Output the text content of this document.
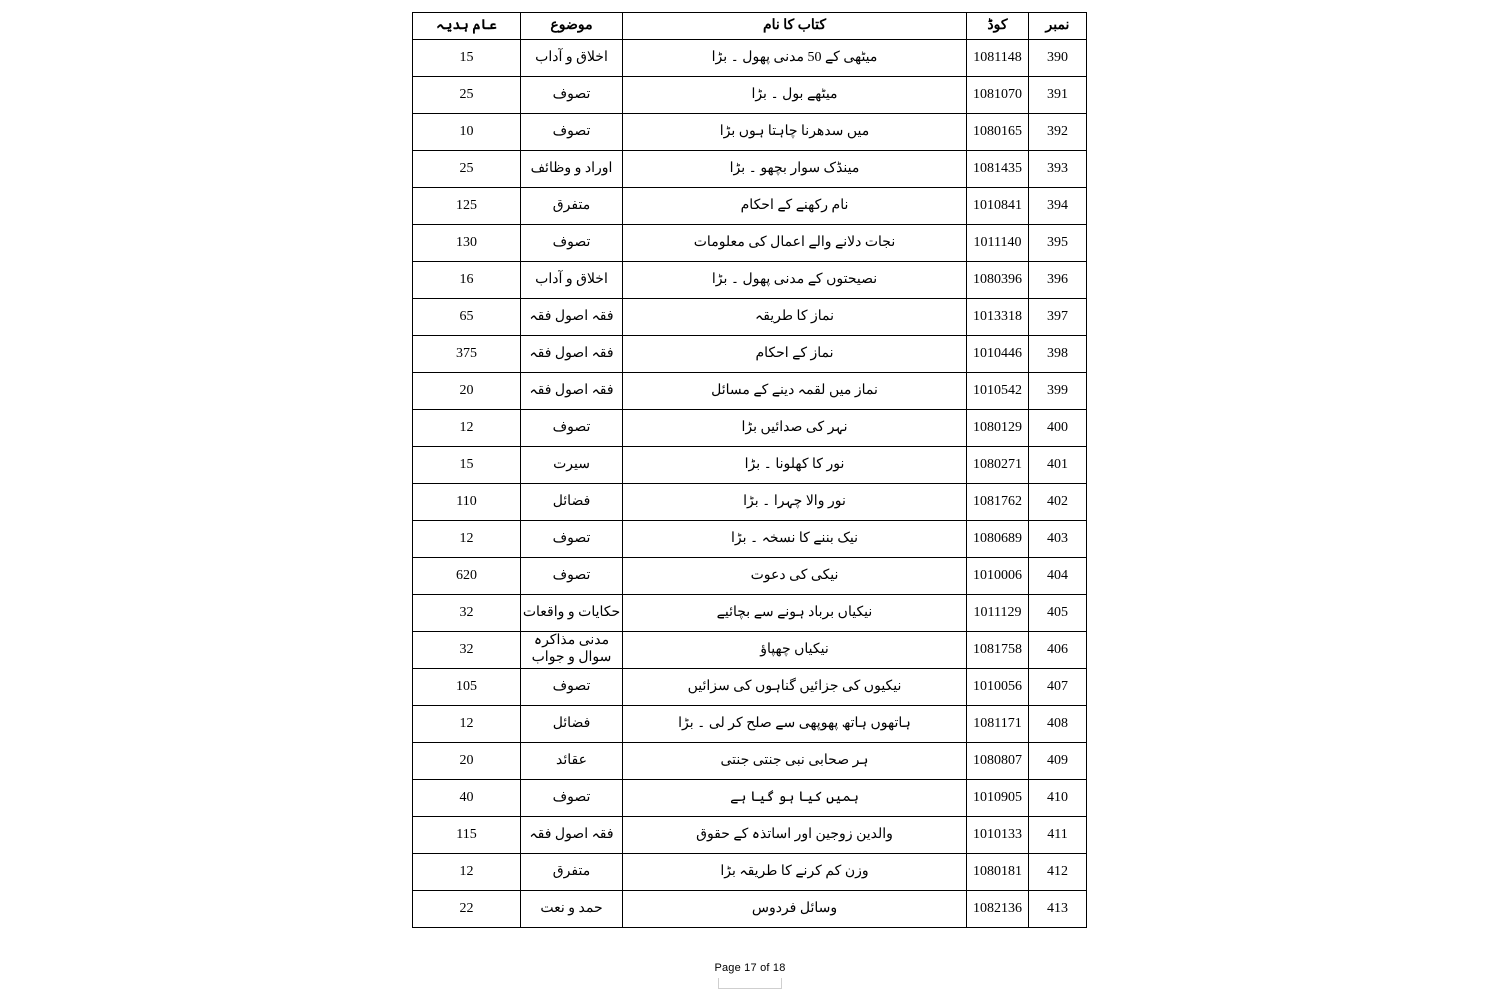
نمبر	کوڈ	کتاب کا نام	موضوع	عام ہدیہ
390	1081148	میٹھی کے 50 مدنی پھول ۔ بڑا	اخلاق و آداب	15
391	1081070	میٹھے بول ۔ بڑا	تصوف	25
392	1080165	میں سدھرنا چاہتا ہوں بڑا	تصوف	10
393	1081435	مینڈک سوار بچھو ۔ بڑا	اوراد و وظائف	25
394	1010841	نام رکھنے کے احکام	متفرق	125
395	1011140	نجات دلانے والے اعمال کی معلومات	تصوف	130
396	1080396	نصیحتوں کے مدنی پھول ۔ بڑا	اخلاق و آداب	16
397	1013318	نماز کا طریقہ	فقہ اصول فقہ	65
398	1010446	نماز کے احکام	فقہ اصول فقہ	375
399	1010542	نماز میں لقمہ دینے کے مسائل	فقہ اصول فقہ	20
400	1080129	نہر کی صدائیں بڑا	تصوف	12
401	1080271	نور کا کھلونا ۔ بڑا	سیرت	15
402	1081762	نور والا چہرا ۔ بڑا	فضائل	110
403	1080689	نیک بننے کا نسخہ ۔ بڑا	تصوف	12
404	1010006	نیکی کی دعوت	تصوف	620
405	1011129	نیکیاں برباد ہونے سے بچائیے	حکایات و واقعات	32
406	1081758	نیکیاں چھپاؤ	مدنی مذاکرہ سوال و جواب	32
407	1010056	نیکیوں کی جزائیں گناہوں کی سزائیں	تصوف	105
408	1081171	ہاتھوں ہاتھ پھوپھی سے صلح کر لی ۔ بڑا	فضائل	12
409	1080807	ہر صحابی نبی جنتی جنتی	عقائد	20
410	1010905	ہمیں کیا ہو گیا ہے	تصوف	40
411	1010133	والدین زوجین اور اساتذہ کے حقوق	فقہ اصول فقہ	115
412	1080181	وزن کم کرنے کا طریقہ بڑا	متفرق	12
413	1082136	وسائل فردوس	حمد و نعت	22
Page 17 of 18
